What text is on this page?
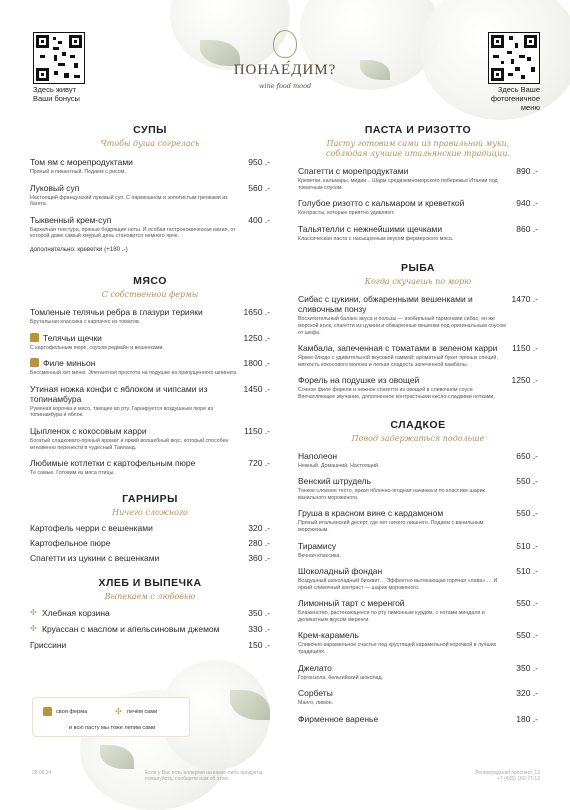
Здесь живут
Ваши бонусы
Здесь Ваше
фотогеничное
меню
ПОНАЕ́ДИМ?
wine food mood
СУПЫ
Чтобы душа согрелась
Том ям с морепродуктами	950 .-
Пряный и пикантный. Подаем с рисом.
Луковый суп	560 .-
Настоящий французский луковый суп. С пармезаном и золотистым гренками из багета.
Тыквенный крем-суп	400 .-
Бархатная текстура, пряные бодрящие ноты. И особая гастрономическая магия, от которой даже самый хмурый день становится немного ярче.
дополнительно: креветки (+180 .-)
МЯСО
С собственной фермы
Томленые телячьи ребра в глазури терияки	1650 .-
Брутальная классика с карпаччо из томатов.
Телячьи щечки	1250 .-
С картофельным пюре, соусом редвайн и вешенками.
Филе миньон	1800 .-
Бессменный хит меню. Элегантная простота на подушке из припущенного шпината.
Утиная ножка конфи с яблоком и чипсами из топинамбура
1450 .-
Румяная корочка и мясо, тающее во рту. Гарнируется воздушным пюре из топинамбура и яблок.
Цыпленок с кокосовым карри	1150 .-
Богатый сладковато-пряный аромат и яркий волшебный вкус, который способен мгновенно перенести в чудесный Таиланд.
Любимые котлетки с картофельным пюре	720 .-
Те самые. Готовим из мяса птицы.
ГАРНИРЫ
Ничего сложного
Картофель черри с вешенками	320 .-
Картофельное пюре	280 .-
Спагетти из цукини с вешенками	360 .-
ХЛЕБ И ВЫПЕЧКА
Выпекаем с любовью
✣ Хлебная корзина	350 .-
✣ Круассан с маслом и апельсиновым джемом	330 .-
Гриссини	150 .-
своя ферма	✣ печём сами
и всю пасту мы тоже лепим сами
ПАСТА И РИЗОТТО
Пасту готовим сами из правильной муки, соблюдая лучшие итальянские традиции.
Спагетти с морепродуктами	890 .-
Креветки, кальмары, мидии... Шарм средиземноморского побережья Италии под томатным соусом.
Голубое ризотто с кальмаром и креветкой	940 .-
Контрасты, которые приятно удивляют.
Тальятелли с нежнейшими щечками	860 .-
Классическая паста с насыщенным вкусом фермерского мяса.
РЫБА
Когда скучаешь по морю
Сибас с цукини, обжаренными вешенками и сливочным понзу
1470 .-
Восхитительный баланс вкуса и пользы — изобильный гармонами сибас, он же морской волк, спагетти из цукини и обжаренные вешенки под оригинальным соусом от шефа.
Камбала, запеченная с томатами в зеленом карри	1150 .-
Яркое блюдо с удивительной вкусовой гаммой: ароматный букет пряных специй, мягкость кокосового молока и легкая сладость запеченной камбалы.
Форель на подушке из овощей	1250 .-
Сочное филе форели и нежное спагетти из овощей в сливочном соусе. Впечатляющее звучание, дополненное контрастными кисло-сладкими нотками.
СЛАДКОЕ
Повод задержаться подольше
Наполеон	650 .-
Нежный. Домашний. Настоящий.
Венский штрудель	550 .-
Тонкое слоеное тесто, яркая яблочно-ягодная начинка и по классике шарик ванильного мороженого.
Груша в красном вине с кардамоном	550 .-
Пряный итальянский десерт, где нет ничего лишнего. Подаем с ванильным мороженым.
Тирамису	510 .-
Вечная классика.
Шоколадный фондан	510 .-
Воздушный шоколадный бисквит… Эффектно вытекающая горячая «лава» … И яркий сливочный контраст — шарик мороженого.
Лимонный тарт с меренгой	550 .-
Блаженство, растекающееся по рту лимонным курдом, с нотами миндаля и деликатным вкусом меренги.
Крем-карамель	550 .-
Сливочно-карамельное счастье под хрустящей карамельной корочкой в лучших традициях.
Джелато	350 .-
Горгонзола, бельгийский шоколад.
Сорбеты	320 .-
Манго, лимон.
Фирменное варенье	180 .-
28.06.24	Если у Вас есть аллергия на какие-либо продукты, пожалуйста, сообщите нам об этом.
Ленинградский проспект, 12
+7 (495) 160-77-12
